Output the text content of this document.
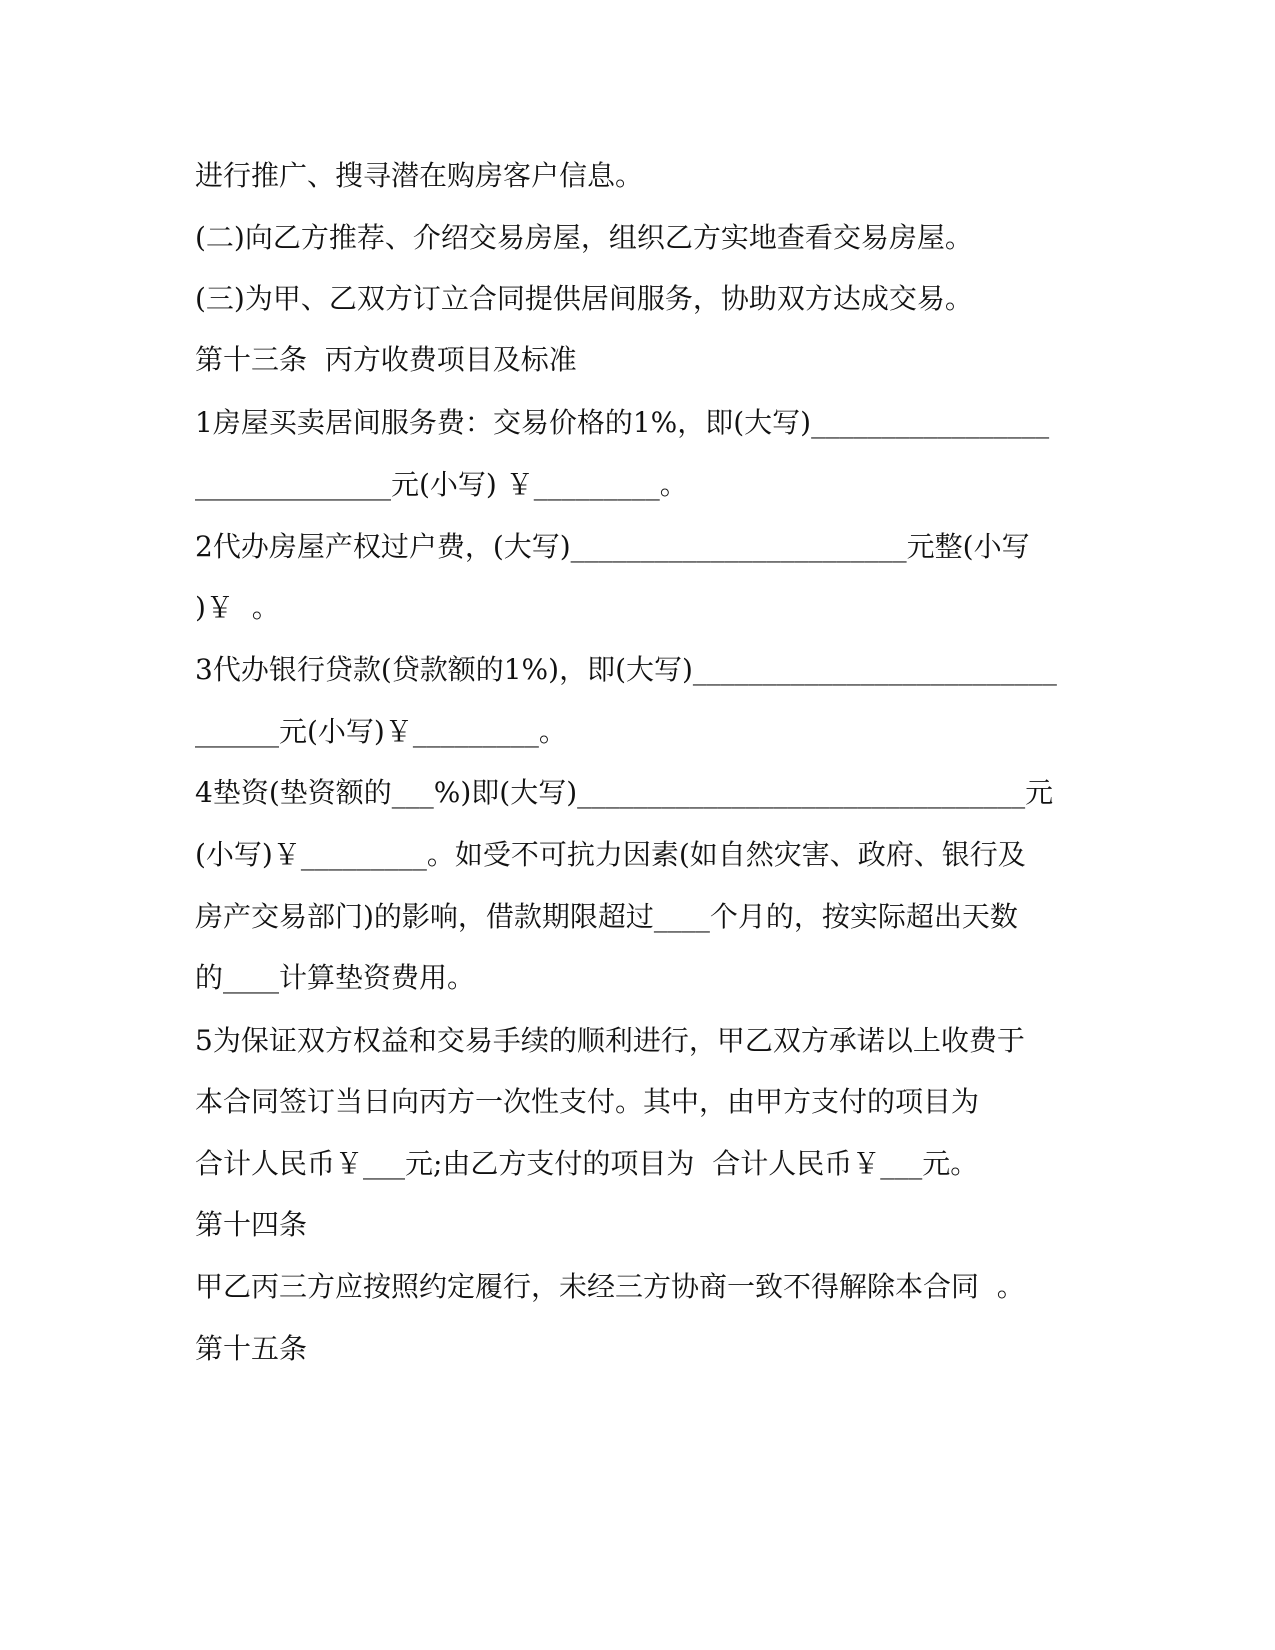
进行推广、搜寻潜在购房客户信息。

(二)向乙方推荐、介绍交易房屋，组织乙方实地查看交易房屋。

(三)为甲、乙双方订立合同提供居间服务，协助双方达成交易。

第十三条  丙方收费项目及标准

1房屋买卖居间服务费：交易价格的1%，即(大写)_________________

______________元(小写) ￥_________。

2代办房屋产权过户费，(大写)________________________元整(小写

)￥  。

3代办银行贷款(贷款额的1%)，即(大写)__________________________

______元(小写)￥_________。

4垫资(垫资额的___%)即(大写)________________________________元

(小写)￥_________。如受不可抗力因素(如自然灾害、政府、银行及

房产交易部门)的影响，借款期限超过____个月的，按实际超出天数

的____计算垫资费用。

5为保证双方权益和交易手续的顺利进行，甲乙双方承诺以上收费于

本合同签订当日向丙方一次性支付。其中，由甲方支付的项目为

合计人民币￥___元;由乙方支付的项目为  合计人民币￥___元。

第十四条

甲乙丙三方应按照约定履行，未经三方协商一致不得解除本合同  。

第十五条
